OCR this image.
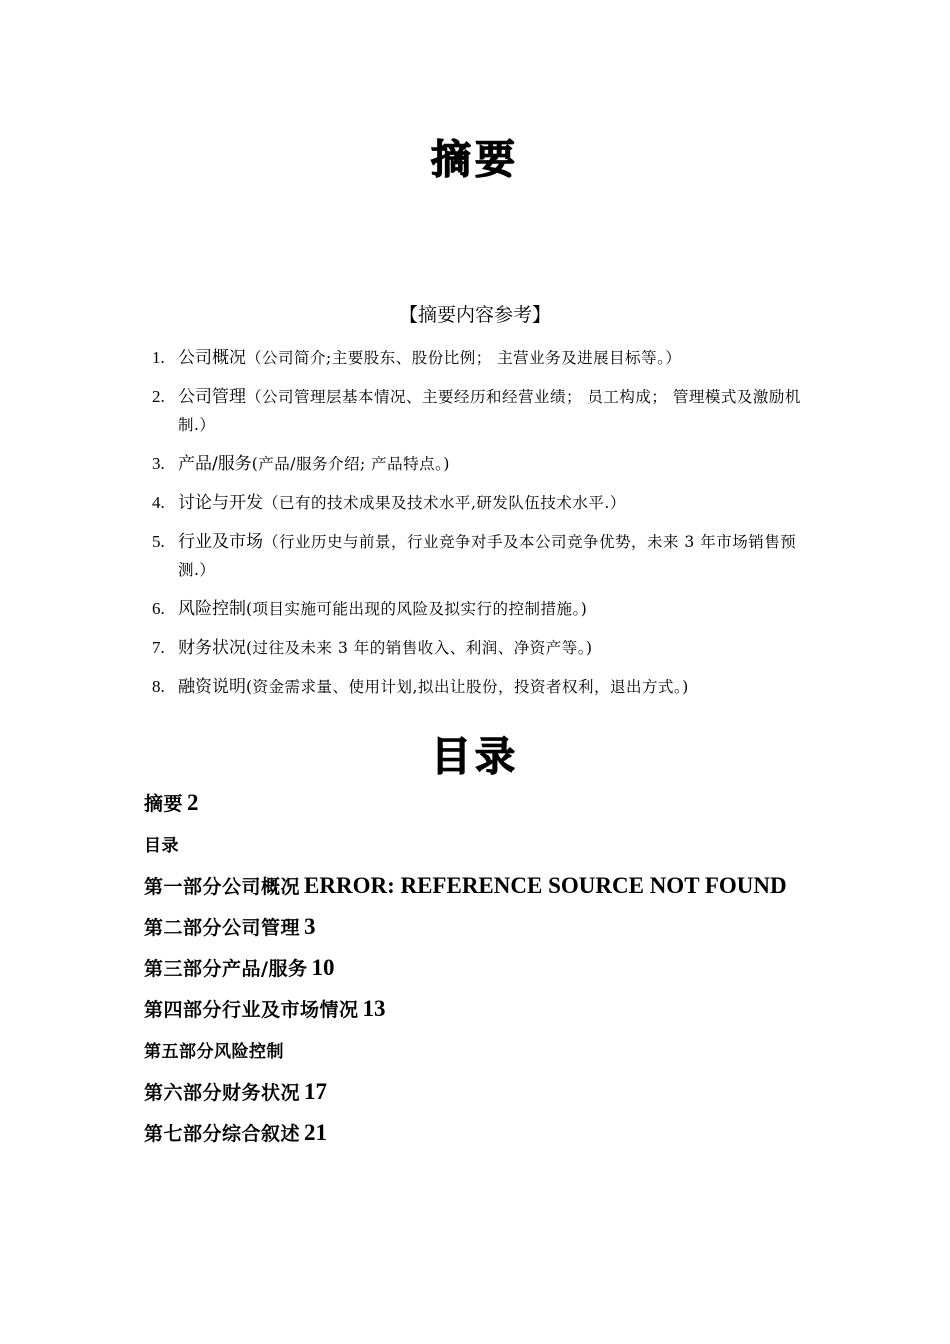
摘要
【摘要内容参考】
1. 公司概况（公司简介;主要股东、股份比例； 主营业务及进展目标等。）
2. 公司管理（公司管理层基本情况、主要经历和经营业绩； 员工构成； 管理模式及激励机制.）
3. 产品/服务(产品/服务介绍; 产品特点。)
4. 讨论与开发（已有的技术成果及技术水平,研发队伍技术水平.）
5. 行业及市场（行业历史与前景，行业竞争对手及本公司竞争优势，未来 3 年市场销售预测.）
6. 风险控制(项目实施可能出现的风险及拟实行的控制措施。)
7. 财务状况(过往及未来 3 年的销售收入、利润、净资产等。)
8. 融资说明(资金需求量、使用计划,拟出让股份，投资者权利，退出方式。)
目录
摘要 2
目录
第一部分公司概况 ERROR: REFERENCE SOURCE NOT FOUND
第二部分公司管理 3
第三部分产品/服务 10
第四部分行业及市场情况 13
第五部分风险控制
第六部分财务状况 17
第七部分综合叙述 21
